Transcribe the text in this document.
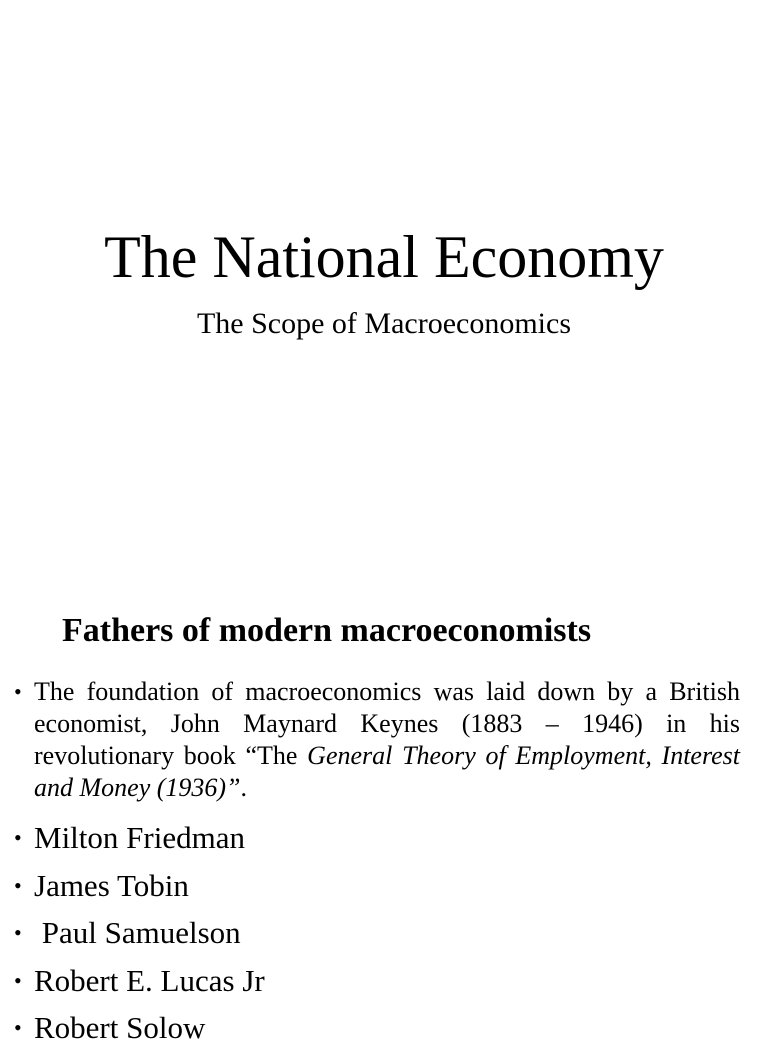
The National Economy
The Scope of Macroeconomics
Fathers of modern macroeconomists
• The foundation of macroeconomics was laid down by a British economist, John Maynard Keynes (1883 – 1946) in his revolutionary book “The General Theory of Employment, Interest and Money (1936)”.
• Milton Friedman
• James Tobin
• Paul Samuelson
• Robert E. Lucas Jr
• Robert Solow
